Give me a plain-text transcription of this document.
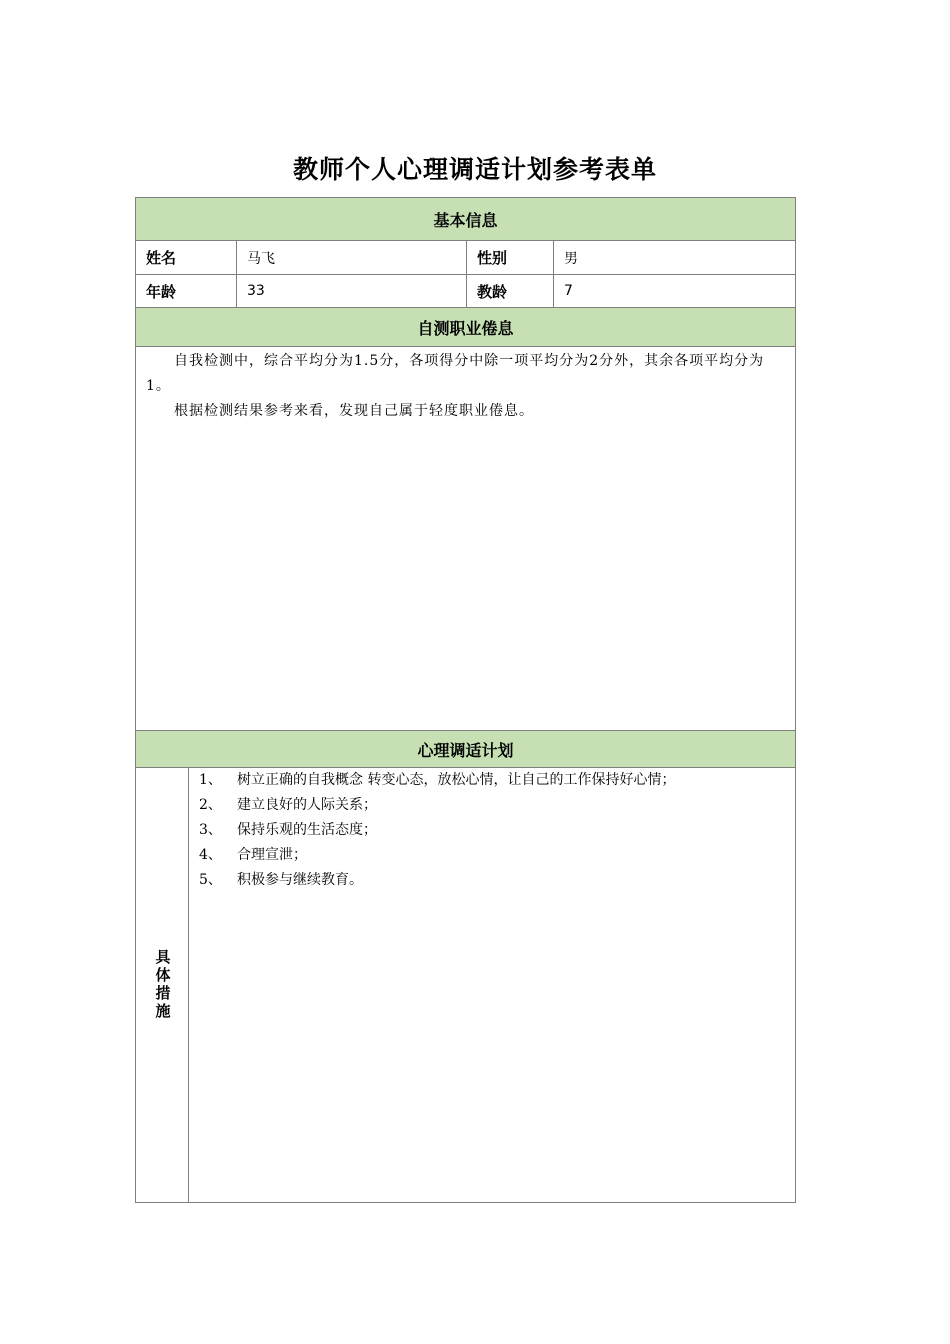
教师个人心理调适计划参考表单
基本信息
姓名	马飞	性别	男
年龄	33	教龄	7
自测职业倦息

自我检测中，综合平均分为1.5分，各项得分中除一项平均分为2分外，其余各项平均分为1。

根据检测结果参考来看，发现自己属于轻度职业倦息。

心理调适计划
具体措施
1、	树立正确的自我概念 转变心态，放松心情，让自己的工作保持好心情；
2、	建立良好的人际关系；
3、	保持乐观的生活态度；
4、	合理宣泄；
5、	积极参与继续教育。
